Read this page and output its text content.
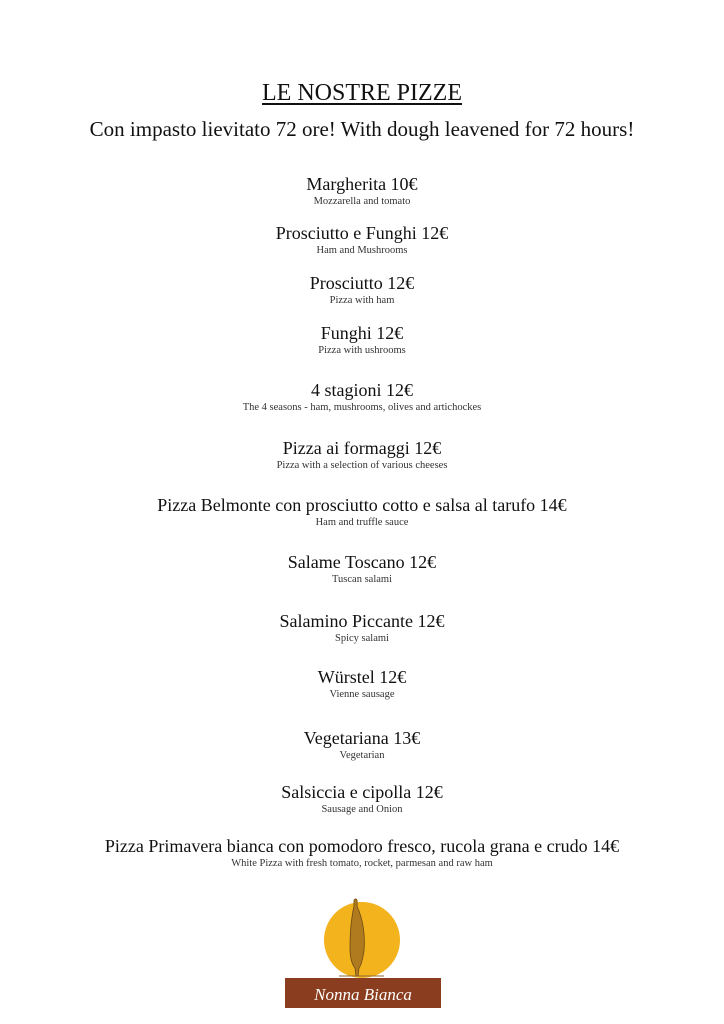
LE NOSTRE PIZZE
Con impasto lievitato 72 ore! With dough leavened for 72 hours!
Margherita 10€
Mozzarella and tomato
Prosciutto e Funghi 12€
Ham and Mushrooms
Prosciutto 12€
Pizza with ham
Funghi 12€
Pizza with ushrooms
4 stagioni 12€
The 4 seasons - ham, mushrooms, olives and artichockes
Pizza ai formaggi 12€
Pizza with a selection of various cheeses
Pizza Belmonte con prosciutto cotto e salsa al tarufo 14€
Ham and truffle sauce
Salame Toscano 12€
Tuscan salami
Salamino Piccante 12€
Spicy salami
Würstel 12€
Vienne sausage
Vegetariana 13€
Vegetarian
Salsiccia e cipolla 12€
Sausage and Onion
Pizza Primavera bianca con pomodoro fresco, rucola grana e crudo 14€
White Pizza with fresh tomato, rocket, parmesan and raw ham
Nonna Bianca
